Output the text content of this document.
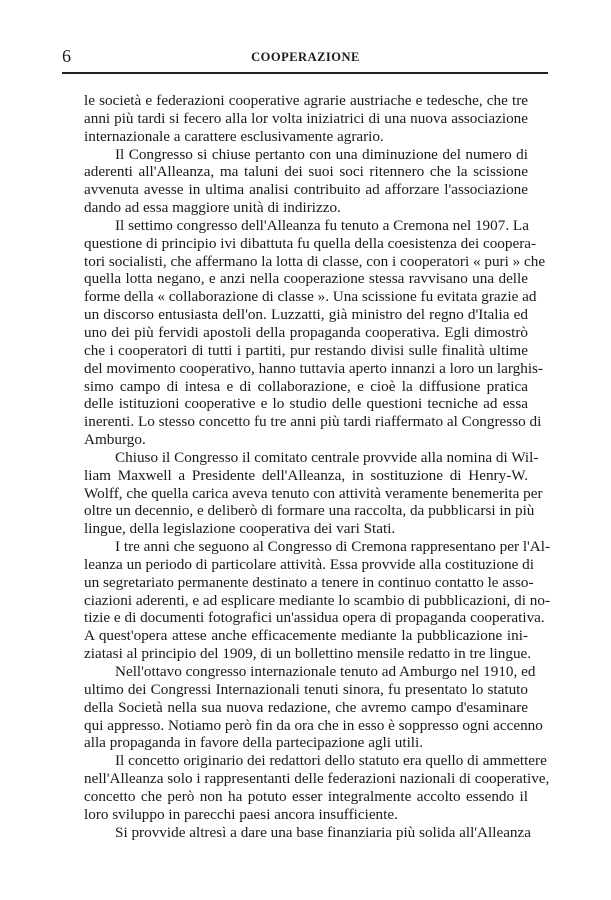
6	COOPERAZIONE
le società e federazioni cooperative agrarie austriache e tedesche, che tre
anni più tardi si fecero alla lor volta iniziatrici di una nuova associazione
internazionale a carattere esclusivamente agrario.
Il Congresso si chiuse pertanto con una diminuzione del numero di
aderenti all'Alleanza, ma taluni dei suoi soci ritennero che la scissione
avvenuta avesse in ultima analisi contribuito ad afforzare l'associazione
dando ad essa maggiore unità di indirizzo.
Il settimo congresso dell'Alleanza fu tenuto a Cremona nel 1907. La
questione di principio ivi dibattuta fu quella della coesistenza dei coopera-
tori socialisti, che affermano la lotta di classe, con i cooperatori « puri » che
quella lotta negano, e anzi nella cooperazione stessa ravvisano una delle
forme della « collaborazione di classe ». Una scissione fu evitata grazie ad
un discorso entusiasta dell'on. Luzzatti, già ministro del regno d'Italia ed
uno dei più fervidi apostoli della propaganda cooperativa. Egli dimostrò
che i cooperatori di tutti i partiti, pur restando divisi sulle finalità ultime
del movimento cooperativo, hanno tuttavia aperto innanzi a loro un larghis-
simo campo di intesa e di collaborazione, e cioè la diffusione pratica
delle istituzioni cooperative e lo studio delle questioni tecniche ad essa
inerenti. Lo stesso concetto fu tre anni più tardi riaffermato al Congresso di
Amburgo.
Chiuso il Congresso il comitato centrale provvide alla nomina di Wil-
liam Maxwell a Presidente dell'Alleanza, in sostituzione di Henry-W.
Wolff, che quella carica aveva tenuto con attività veramente benemerita per
oltre un decennio, e deliberò di formare una raccolta, da pubblicarsi in più
lingue, della legislazione cooperativa dei vari Stati.
I tre anni che seguono al Congresso di Cremona rappresentano per l'Al-
leanza un periodo di particolare attività. Essa provvide alla costituzione di
un segretariato permanente destinato a tenere in continuo contatto le asso-
ciazioni aderenti, e ad esplicare mediante lo scambio di pubblicazioni, di no-
tizie e di documenti fotografici un'assidua opera di propaganda cooperativa.
A quest'opera attese anche efficacemente mediante la pubblicazione ini-
ziatasi al principio del 1909, di un bollettino mensile redatto in tre lingue.
Nell'ottavo congresso internazionale tenuto ad Amburgo nel 1910, ed
ultimo dei Congressi Internazionali tenuti sinora, fu presentato lo statuto
della Società nella sua nuova redazione, che avremo campo d'esaminare
qui appresso. Notiamo però fin da ora che in esso è soppresso ogni accenno
alla propaganda in favore della partecipazione agli utili.
Il concetto originario dei redattori dello statuto era quello di ammettere
nell'Alleanza solo i rappresentanti delle federazioni nazionali di cooperative,
concetto che però non ha potuto esser integralmente accolto essendo il
loro sviluppo in parecchi paesi ancora insufficiente.
Si provvide altresì a dare una base finanziaria più solida all'Alleanza
